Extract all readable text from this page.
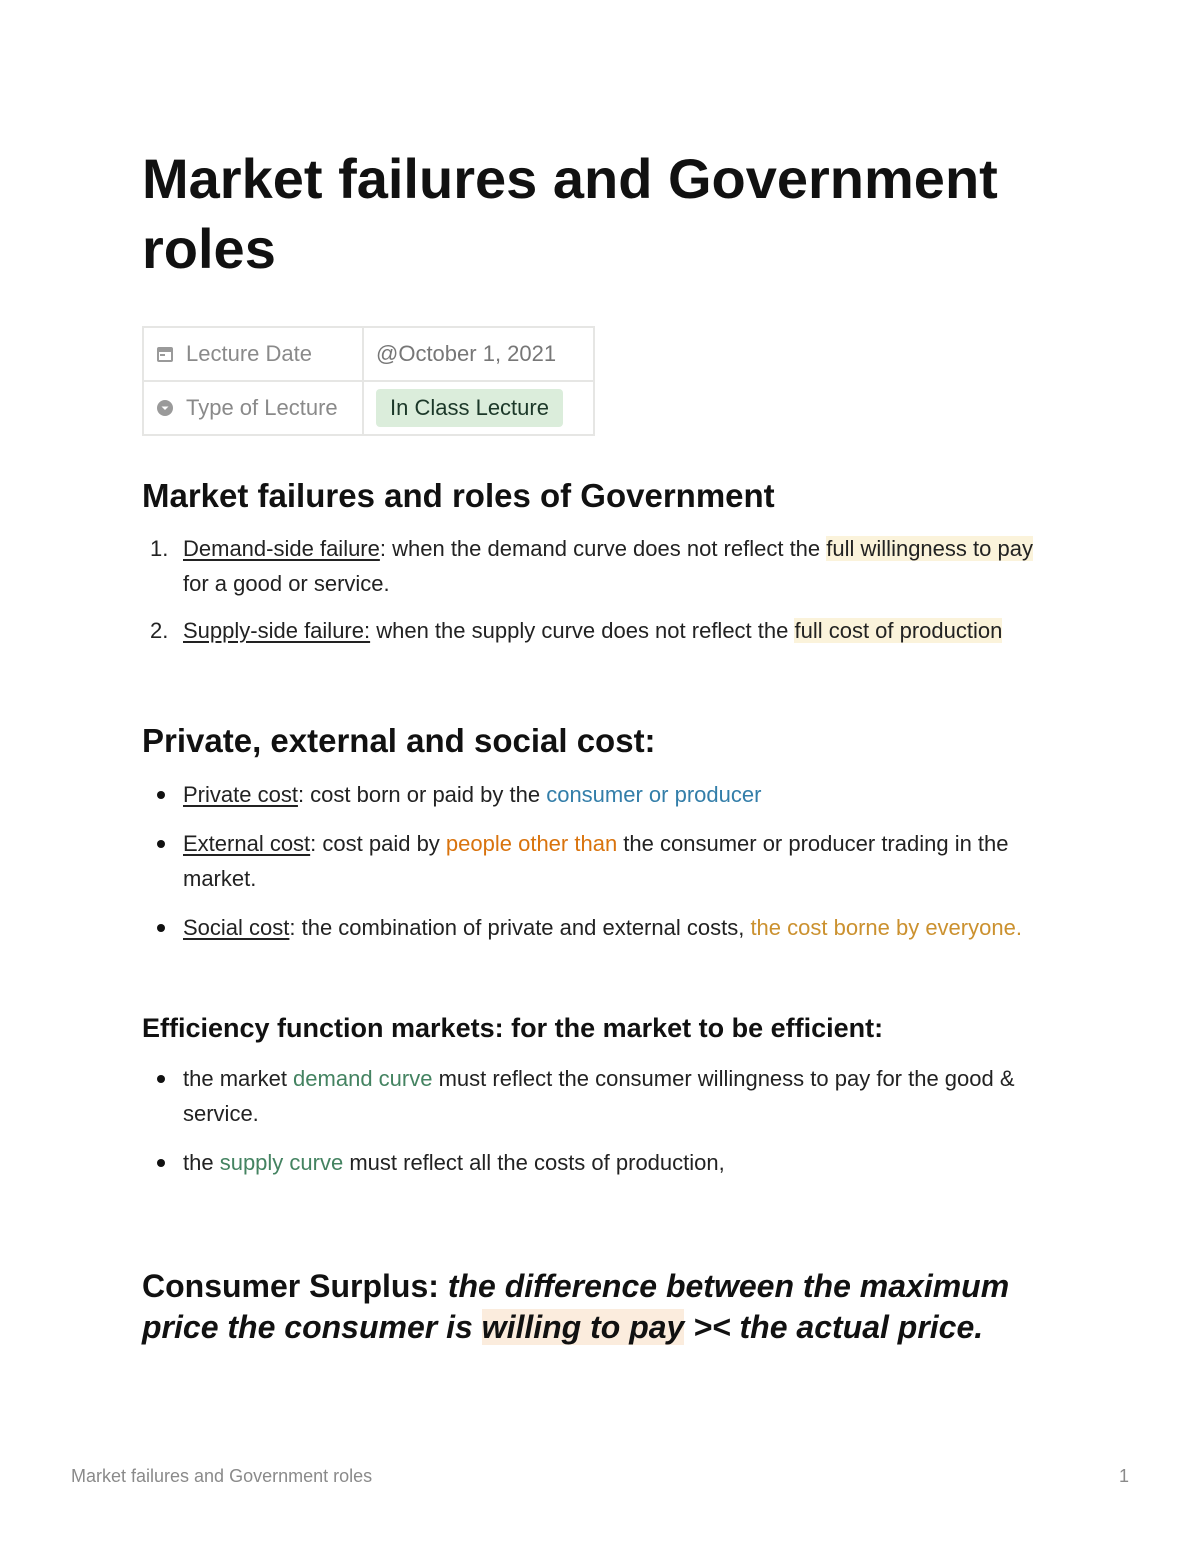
Market failures and Government roles
Lecture Date	@October 1, 2021
Type of Lecture	In Class Lecture
Market failures and roles of Government
1. Demand-side failure: when the demand curve does not reflect the full willingness to pay for a good or service.
2. Supply-side failure: when the supply curve does not reflect the full cost of production
Private, external and social cost:
Private cost: cost born or paid by the consumer or producer
External cost: cost paid by people other than the consumer or producer trading in the market.
Social cost: the combination of private and external costs, the cost borne by everyone.
Efficiency function markets: for the market to be efficient:
the market demand curve must reflect the consumer willingness to pay for the good & service.
the supply curve must reflect all the costs of production,

Consumer Surplus: the difference between the maximum price the consumer is willing to pay >< the actual price.

Market failures and Government roles	1
